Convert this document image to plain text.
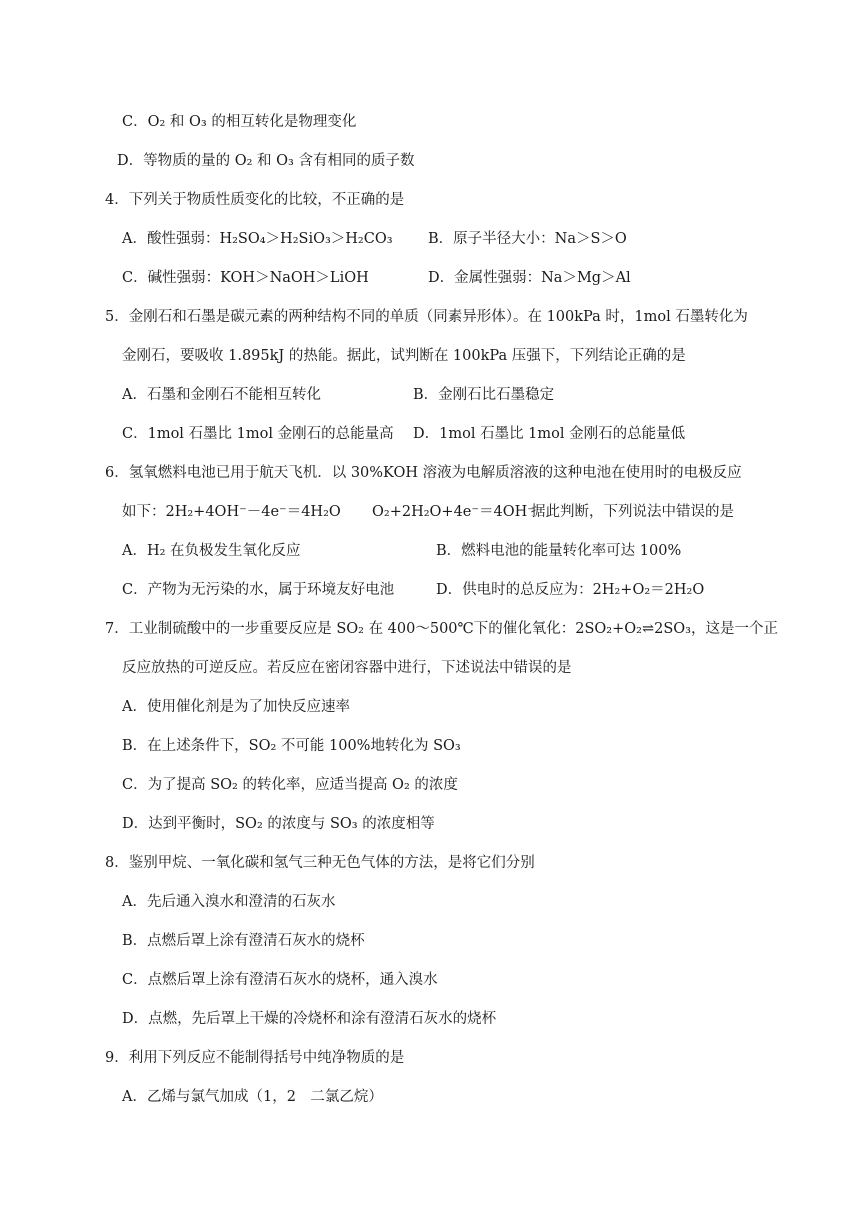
C．O₂ 和 O₃ 的相互转化是物理变化
D．等物质的量的 O₂ 和 O₃ 含有相同的质子数
4．下列关于物质性质变化的比较，不正确的是
A．酸性强弱：H₂SO₄＞H₂SiO₃＞H₂CO₃ B．原子半径大小：Na＞S＞O
C．碱性强弱：KOH＞NaOH＞LiOH	D．金属性强弱：Na＞Mg＞Al
5．金刚石和石墨是碳元素的两种结构不同的单质（同素异形体）。在 100kPa 时，1mol 石墨转化为
金刚石，要吸收 1.895kJ 的热能。据此，试判断在 100kPa 压强下，下列结论正确的是
A．石墨和金刚石不能相互转化	B．金刚石比石墨稳定
C．1mol 石墨比 1mol 金刚石的总能量高 D．1mol 石墨比 1mol 金刚石的总能量低
6．氢氧燃料电池已用于航天飞机．以 30%KOH 溶液为电解质溶液的这种电池在使用时的电极反应
如下：2H₂+4OH⁻－4e⁻＝4H₂O O₂+2H₂O+4e⁻＝4OH⁻
据此判断，下列说法中错误的是
A．H₂ 在负极发生氧化反应	B．燃料电池的能量转化率可达 100%
C．产物为无污染的水，属于环境友好电池	D．供电时的总反应为：2H₂+O₂＝2H₂O
7．工业制硫酸中的一步重要反应是 SO₂ 在 400～500℃下的催化氧化：2SO₂+O₂⇌2SO₃，这是一个正
A．使用催化剂是为了加快反应速率
B．在上述条件下，SO₂ 不可能 100%地转化为 SO₃
C．为了提高 SO₂ 的转化率，应适当提高 O₂ 的浓度
D．达到平衡时，SO₂ 的浓度与 SO₃ 的浓度相等
8．鉴别甲烷、一氧化碳和氢气三种无色气体的方法，是将它们分别
A．先后通入溴水和澄清的石灰水
B．点燃后罩上涂有澄清石灰水的烧杯
C．点燃后罩上涂有澄清石灰水的烧杯，通入溴水
D．点燃，先后罩上干燥的冷烧杯和涂有澄清石灰水的烧杯
9．利用下列反应不能制得括号中纯净物质的是
A．乙烯与氯气加成（1，2　二氯乙烷）
反应放热的可逆反应。若反应在密闭容器中进行，下述说法中错误的是
